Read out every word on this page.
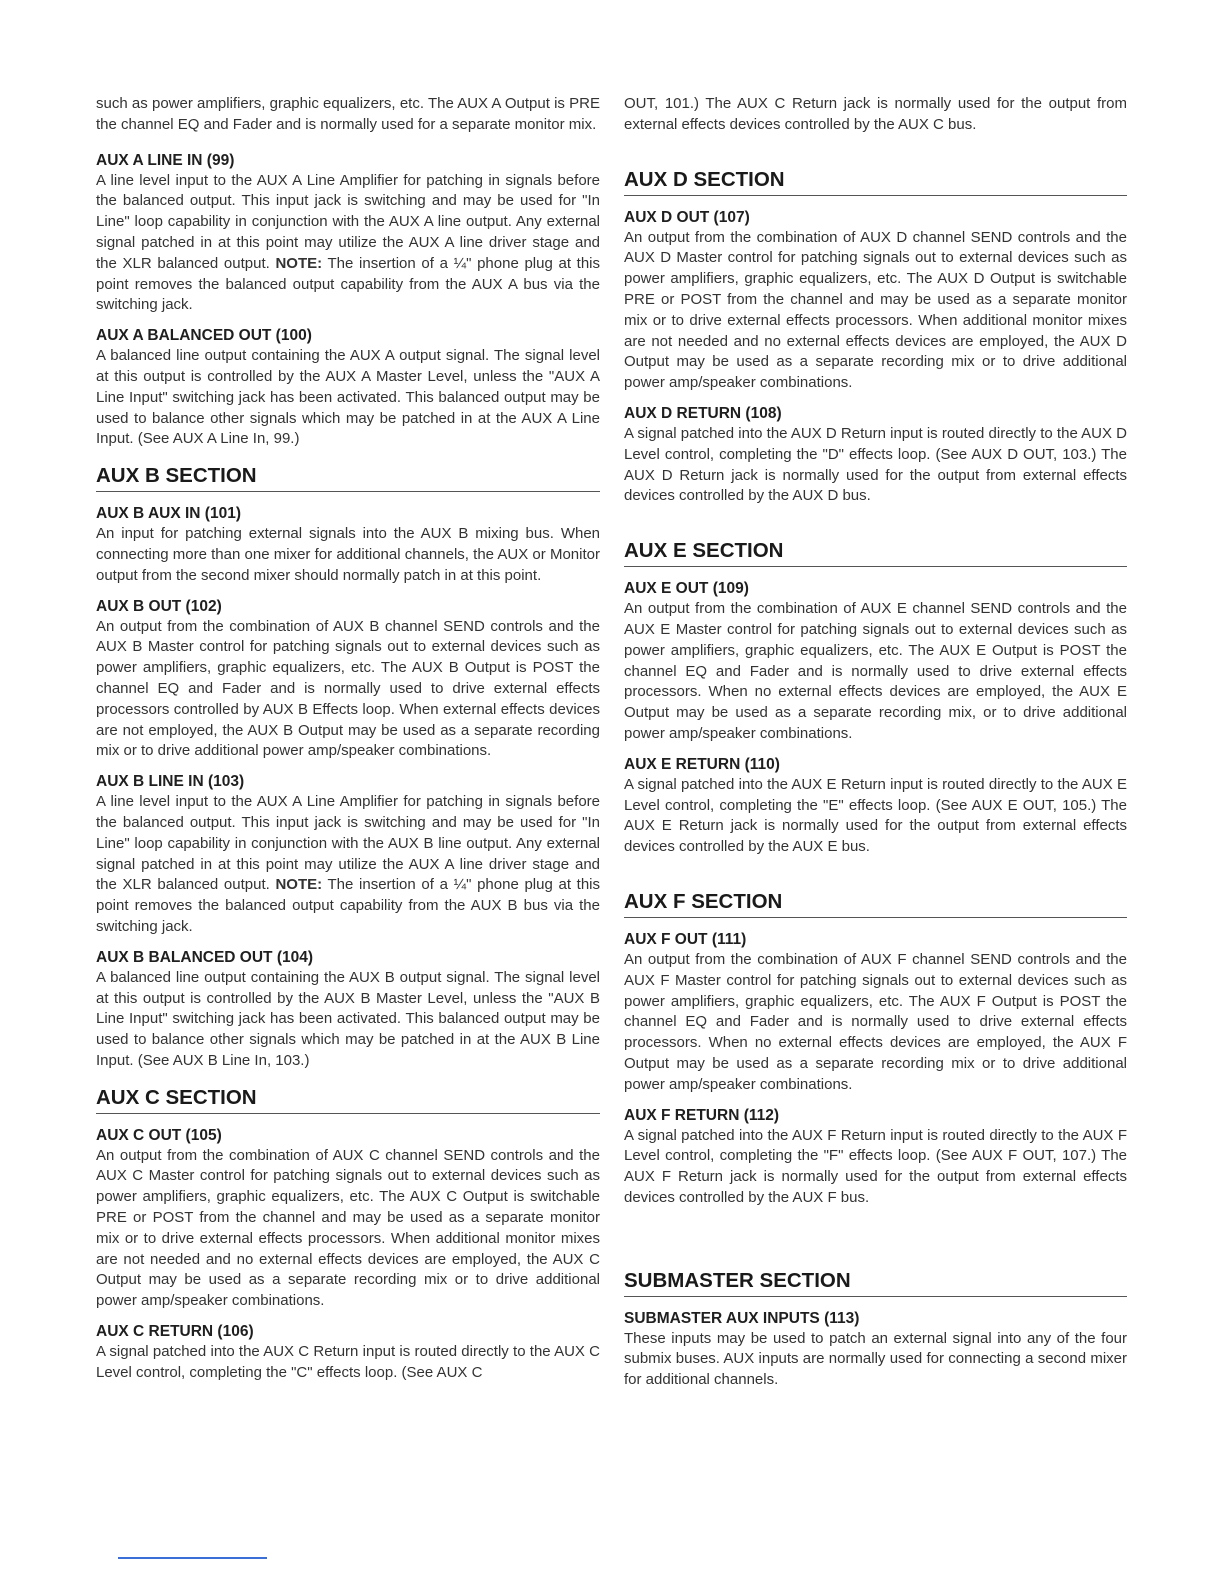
such as power amplifiers, graphic equalizers, etc. The AUX A Output is PRE the channel EQ and Fader and is normally used for a separate monitor mix.

AUX A LINE IN (99)

A line level input to the AUX A Line Amplifier for patching in signals before the balanced output. This input jack is switching and may be used for "In Line" loop capability in conjunction with the AUX A line output. Any external signal patched in at this point may utilize the AUX A line driver stage and the XLR balanced output. NOTE: The insertion of a ¼" phone plug at this point removes the balanced output capability from the AUX A bus via the switching jack.

AUX A BALANCED OUT (100)

A balanced line output containing the AUX A output signal. The signal level at this output is controlled by the AUX A Master Level, unless the "AUX A Line Input" switching jack has been activated. This balanced output may be used to balance other signals which may be patched in at the AUX A Line Input. (See AUX A Line In, 99.)

AUX B SECTION
AUX B AUX IN (101)

An input for patching external signals into the AUX B mixing bus. When connecting more than one mixer for additional channels, the AUX or Monitor output from the second mixer should normally patch in at this point.

AUX B OUT (102)

An output from the combination of AUX B channel SEND controls and the AUX B Master control for patching signals out to external devices such as power amplifiers, graphic equalizers, etc. The AUX B Output is POST the channel EQ and Fader and is normally used to drive external effects processors controlled by AUX B Effects loop. When external effects devices are not employed, the AUX B Output may be used as a separate recording mix or to drive additional power amp/speaker combinations.

AUX B LINE IN (103)

A line level input to the AUX A Line Amplifier for patching in signals before the balanced output. This input jack is switching and may be used for "In Line" loop capability in conjunction with the AUX B line output. Any external signal patched in at this point may utilize the AUX A line driver stage and the XLR balanced output. NOTE: The insertion of a ¼" phone plug at this point removes the balanced output capability from the AUX B bus via the switching jack.

AUX B BALANCED OUT (104)

A balanced line output containing the AUX B output signal. The signal level at this output is controlled by the AUX B Master Level, unless the "AUX B Line Input" switching jack has been activated. This balanced output may be used to balance other signals which may be patched in at the AUX B Line Input. (See AUX B Line In, 103.)

AUX C SECTION
AUX C OUT (105)

An output from the combination of AUX C channel SEND controls and the AUX C Master control for patching signals out to external devices such as power amplifiers, graphic equalizers, etc. The AUX C Output is switchable PRE or POST from the channel and may be used as a separate monitor mix or to drive external effects processors. When additional monitor mixes are not needed and no external effects devices are employed, the AUX C Output may be used as a separate recording mix or to drive additional power amp/speaker combinations.

AUX C RETURN (106)

A signal patched into the AUX C Return input is routed directly to the AUX C Level control, completing the "C" effects loop. (See AUX C

OUT, 101.) The AUX C Return jack is normally used for the output from external effects devices controlled by the AUX C bus.

AUX D SECTION
AUX D OUT (107)

An output from the combination of AUX D channel SEND controls and the AUX D Master control for patching signals out to external devices such as power amplifiers, graphic equalizers, etc. The AUX D Output is switchable PRE or POST from the channel and may be used as a separate monitor mix or to drive external effects processors. When additional monitor mixes are not needed and no external effects devices are employed, the AUX D Output may be used as a separate recording mix or to drive additional power amp/speaker combinations.

AUX D RETURN (108)

A signal patched into the AUX D Return input is routed directly to the AUX D Level control, completing the "D" effects loop. (See AUX D OUT, 103.) The AUX D Return jack is normally used for the output from external effects devices controlled by the AUX D bus.

AUX E SECTION
AUX E OUT (109)

An output from the combination of AUX E channel SEND controls and the AUX E Master control for patching signals out to external devices such as power amplifiers, graphic equalizers, etc. The AUX E Output is POST the channel EQ and Fader and is normally used to drive external effects processors. When no external effects devices are employed, the AUX E Output may be used as a separate recording mix, or to drive additional power amp/speaker combinations.

AUX E RETURN (110)

A signal patched into the AUX E Return input is routed directly to the AUX E Level control, completing the "E" effects loop. (See AUX E OUT, 105.) The AUX E Return jack is normally used for the output from external effects devices controlled by the AUX E bus.

AUX F SECTION
AUX F OUT (111)

An output from the combination of AUX F channel SEND controls and the AUX F Master control for patching signals out to external devices such as power amplifiers, graphic equalizers, etc. The AUX F Output is POST the channel EQ and Fader and is normally used to drive external effects processors. When no external effects devices are employed, the AUX F Output may be used as a separate recording mix or to drive additional power amp/speaker combinations.

AUX F RETURN (112)

A signal patched into the AUX F Return input is routed directly to the AUX F Level control, completing the "F" effects loop. (See AUX F OUT, 107.) The AUX F Return jack is normally used for the output from external effects devices controlled by the AUX F bus.

SUBMASTER SECTION
SUBMASTER AUX INPUTS (113)

These inputs may be used to patch an external signal into any of the four submix buses. AUX inputs are normally used for connecting a second mixer for additional channels.
